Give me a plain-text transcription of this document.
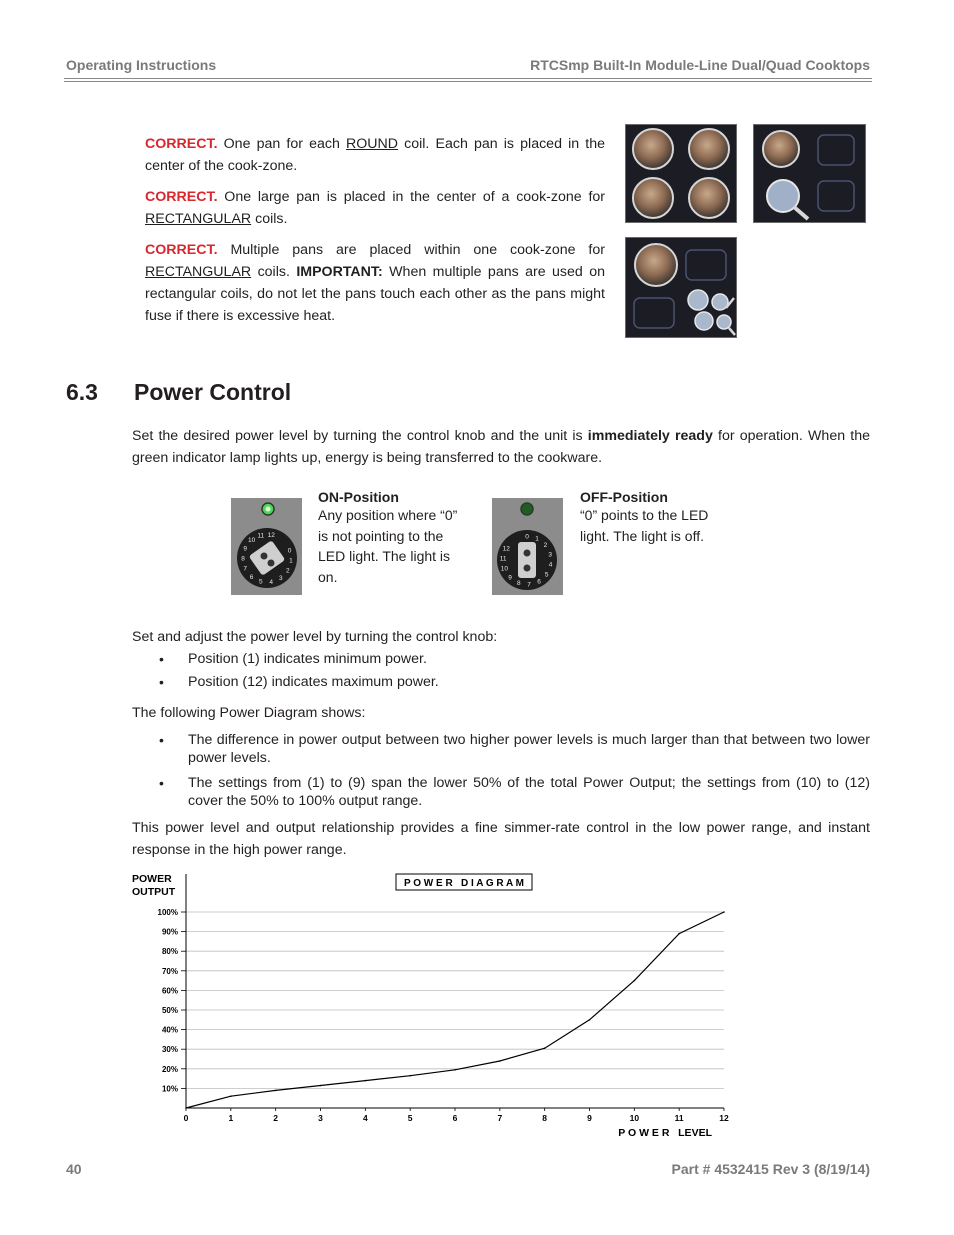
Operating Instructions	RTCSmp Built-In Module-Line Dual/Quad Cooktops
CORRECT. One pan for each ROUND coil. Each pan is placed in the center of the cook-zone.
CORRECT. One large pan is placed in the center of a cook-zone for RECTANGULAR coils.
CORRECT. Multiple pans are placed within one cook-zone for RECTANGULAR coils. IMPORTANT: When multiple pans are used on rectangular coils, do not let the pans touch each other as the pans might fuse if there is excessive heat.
6.3 Power Control
Set the desired power level by turning the control knob and the unit is immediately ready for operation. When the green indicator lamp lights up, energy is being transferred to the cookware.
0
1
2
3
4
5
6
7
8
9
10
11 12	0 1
2
3
4
5
6
7
8
9
10
11
12
ON-Position
Any position where “0” is not pointing to the LED light. The light is on.
OFF-Position
“0” points to the LED light. The light is off.
Set and adjust the power level by turning the control knob:
• Position (1) indicates minimum power.
• Position (12) indicates maximum power.
The following Power Diagram shows:
• The difference in power output between two higher power levels is much larger than that between two lower power levels.
• The settings from (1) to (9) span the lower 50% of the total Power Output; the settings from (10) to (12) cover the 50% to 100% output range.
This power level and output relationship provides a fine simmer-rate control in the low power range, and instant response in the high power range.
10%
20%
30%
40%
50%
60%
70%
80%
90%
100%
0	1	2	3	4	5	6	7	8	9	10	11	12
POWER
OUTPUT
P O W E R   D I A G R A M
P O W E R   LEVEL
40	Part # 4532415 Rev 3 (8/19/14)
